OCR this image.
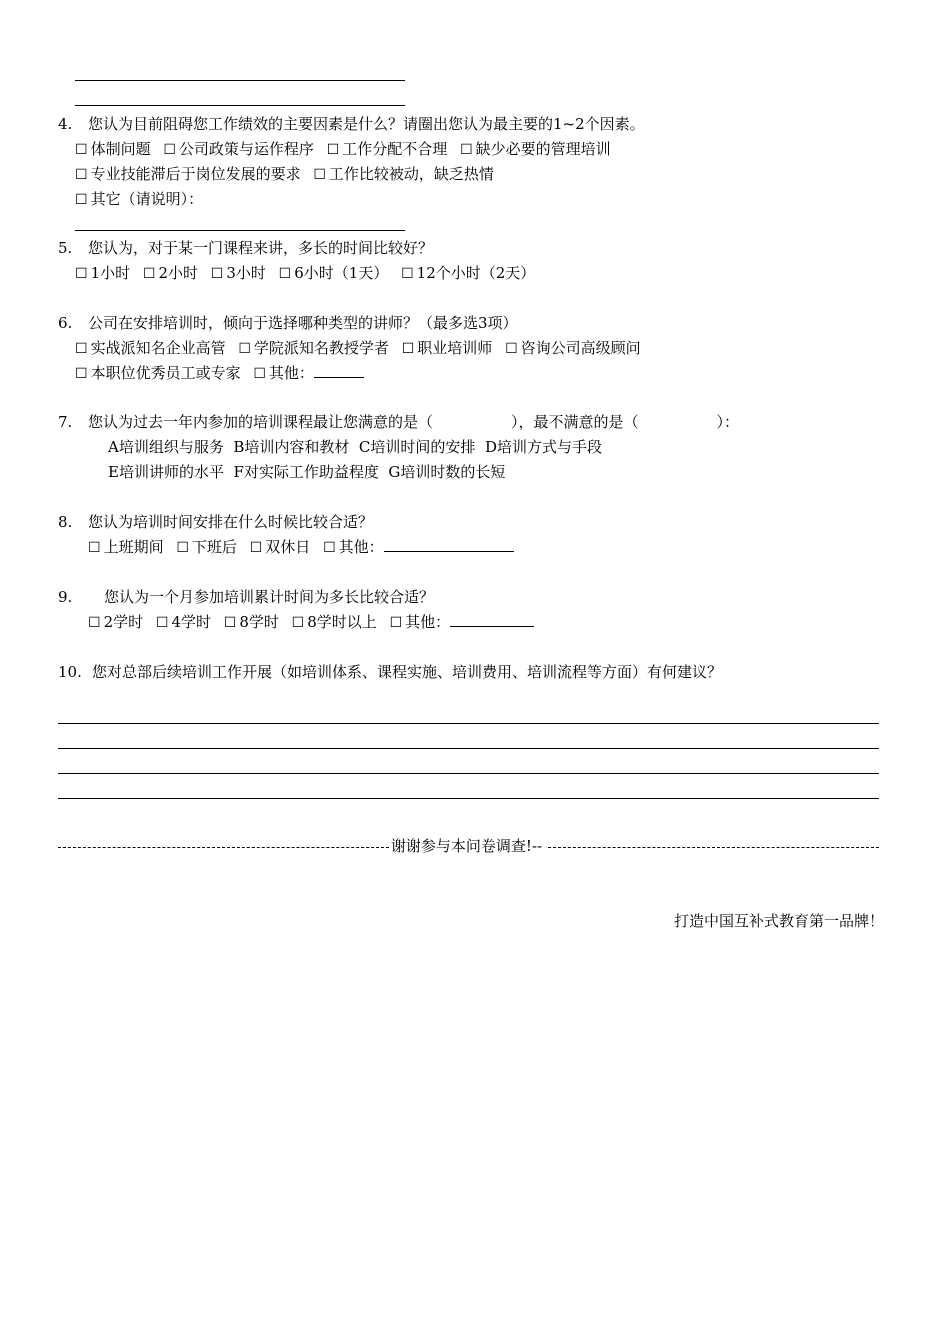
4. 您认为目前阻碍您工作绩效的主要因素是什么？请圈出您认为最主要的1~2个因素。
☐ 体制问题 ☐ 公司政策与运作程序 ☐ 工作分配不合理 ☐ 缺少必要的管理培训
☐ 专业技能滞后于岗位发展的要求 ☐ 工作比较被动，缺乏热情
☐ 其它（请说明）：
5. 您认为，对于某一门课程来讲，多长的时间比较好？
☐ 1小时 ☐ 2小时 ☐ 3小时 ☐ 6小时（1天） ☐ 12个小时（2天）
6. 公司在安排培训时，倾向于选择哪种类型的讲师？（最多选3项）
☐ 实战派知名企业高管 ☐ 学院派知名教授学者 ☐ 职业培训师 ☐ 咨询公司高级顾问
☐ 本职位优秀员工或专家 ☐ 其他：
7. 您认为过去一年内参加的培训课程最让您满意的是（	），最不满意的是（	）：
A培训组织与服务  B培训内容和教材  C培训时间的安排  D培训方式与手段
E培训讲师的水平  F对实际工作助益程度  G培训时数的长短
8. 您认为培训时间安排在什么时候比较合适？
☐ 上班期间 ☐ 下班后 ☐ 双休日 ☐ 其他：
9. 您认为一个月参加培训累计时间为多长比较合适？
☐ 2学时 ☐ 4学时 ☐ 8学时 ☐ 8学时以上 ☐ 其他：
10. 您对总部后续培训工作开展（如培训体系、课程实施、培训费用、培训流程等方面）有何建议？
谢谢参与本问卷调查!--
打造中国互补式教育第一品牌！
